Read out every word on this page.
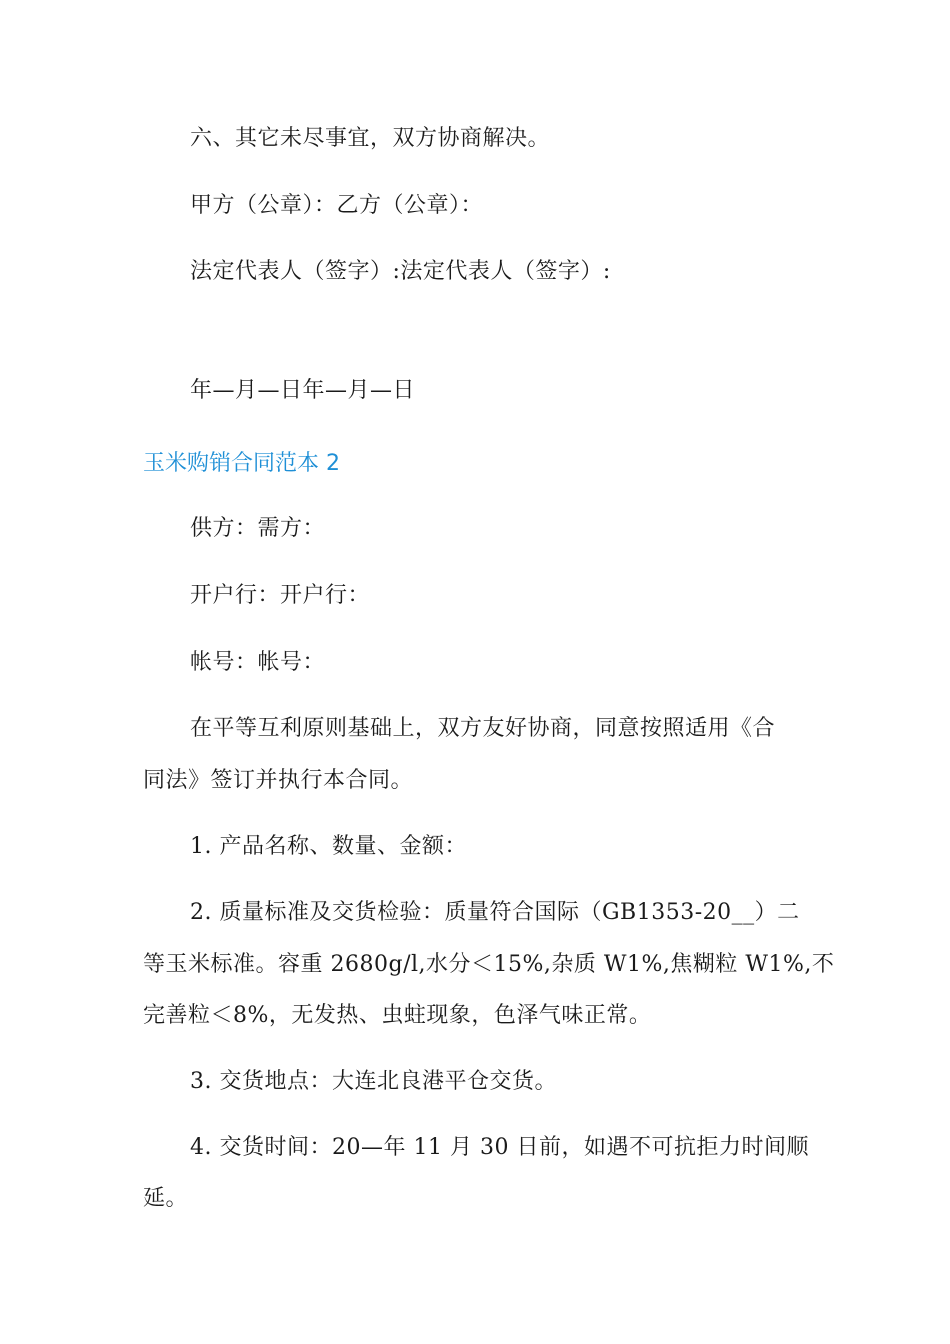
六、其它未尽事宜，双方协商解决。
甲方（公章）：乙方（公章）：
法定代表人（签字）:法定代表人（签字）:
年—月—日年—月—日
玉米购销合同范本 2
供方：需方：
开户行：开户行：
帐号：帐号：
在平等互利原则基础上，双方友好协商，同意按照适用《合
同法》签订并执行本合同。
1. 产品名称、数量、金额：
2. 质量标准及交货检验：质量符合国际（GB1353-20__）二
等玉米标准。容重 2680g/l,水分＜15%,杂质 W1%,焦糊粒 W1%,不
完善粒＜8%，无发热、虫蛀现象，色泽气味正常。
3. 交货地点：大连北良港平仓交货。
4. 交货时间：20—年 11 月 30 日前，如遇不可抗拒力时间顺
延。
